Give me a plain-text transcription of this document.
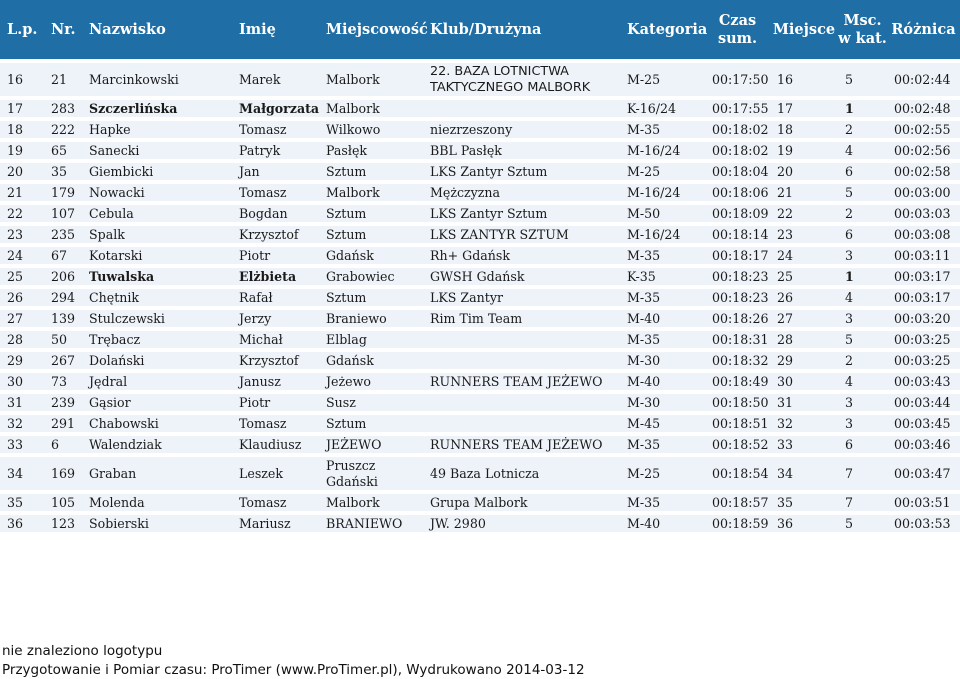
L.p.	Nr.	Nazwisko	Imię	Miejscowość	Klub/Drużyna	Kategoria	Czas sum.	Miejsce	Msc. w kat.	Różnica
16	21	Marcinkowski	Marek	Malbork	22. BAZA LOTNICTWA TAKTYCZNEGO MALBORK	M-25	00:17:50	16	5	00:02:44
17	283	Szczerlińska	Małgorzata	Malbork		K-16/24	00:17:55	17	1	00:02:48
18	222	Hapke	Tomasz	Wilkowo	niezrzeszony	M-35	00:18:02	18	2	00:02:55
19	65	Sanecki	Patryk	Pasłęk	BBL Pasłęk	M-16/24	00:18:02	19	4	00:02:56
20	35	Giembicki	Jan	Sztum	LKS Zantyr Sztum	M-25	00:18:04	20	6	00:02:58
21	179	Nowacki	Tomasz	Malbork	Mężczyzna	M-16/24	00:18:06	21	5	00:03:00
22	107	Cebula	Bogdan	Sztum	LKS Zantyr Sztum	M-50	00:18:09	22	2	00:03:03
23	235	Spalk	Krzysztof	Sztum	LKS ZANTYR SZTUM	M-16/24	00:18:14	23	6	00:03:08
24	67	Kotarski	Piotr	Gdańsk	Rh+ Gdańsk	M-35	00:18:17	24	3	00:03:11
25	206	Tuwalska	Elżbieta	Grabowiec	GWSH Gdańsk	K-35	00:18:23	25	1	00:03:17
26	294	Chętnik	Rafał	Sztum	LKS Zantyr	M-35	00:18:23	26	4	00:03:17
27	139	Stulczewski	Jerzy	Braniewo	Rim Tim Team	M-40	00:18:26	27	3	00:03:20
28	50	Trębacz	Michał	Elblag		M-35	00:18:31	28	5	00:03:25
29	267	Dolański	Krzysztof	Gdańsk		M-30	00:18:32	29	2	00:03:25
30	73	Jędral	Janusz	Jeżewo	RUNNERS TEAM JEŻEWO	M-40	00:18:49	30	4	00:03:43
31	239	Gąsior	Piotr	Susz		M-30	00:18:50	31	3	00:03:44
32	291	Chabowski	Tomasz	Sztum		M-45	00:18:51	32	3	00:03:45
33	6	Walendziak	Klaudiusz	JEŻEWO	RUNNERS TEAM JEŻEWO	M-35	00:18:52	33	6	00:03:46
34	169	Graban	Leszek	Pruszcz Gdański	49 Baza Lotnicza	M-25	00:18:54	34	7	00:03:47
35	105	Molenda	Tomasz	Malbork	Grupa Malbork	M-35	00:18:57	35	7	00:03:51
36	123	Sobierski	Mariusz	BRANIEWO	JW. 2980	M-40	00:18:59	36	5	00:03:53
nie znaleziono logotypu
Przygotowanie i Pomiar czasu: ProTimer (www.ProTimer.pl), Wydrukowano 2014-03-12
